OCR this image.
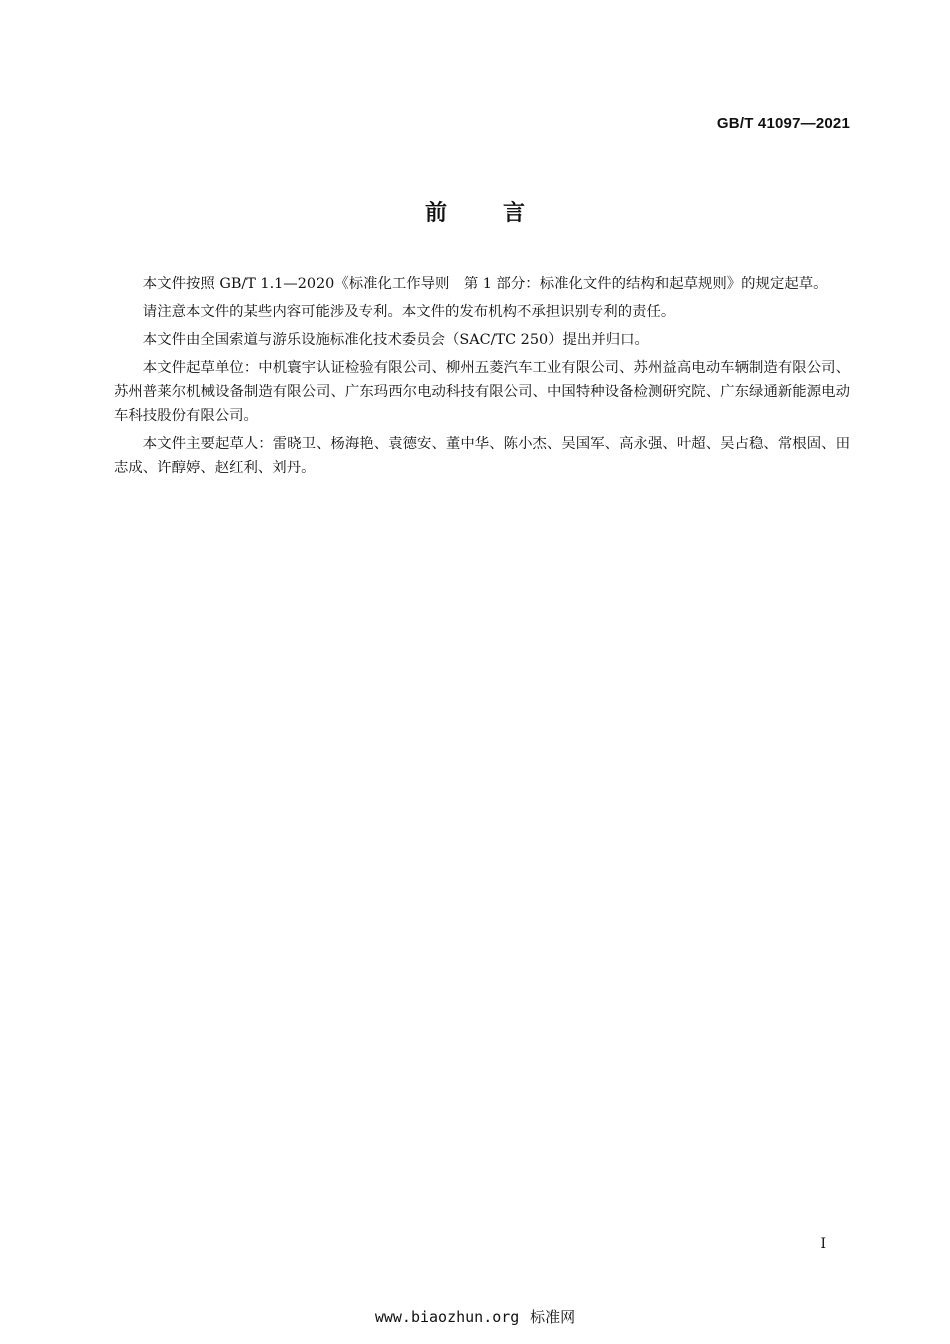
GB/T 41097—2021
前言

本文件按照 GB/T 1.1—2020《标准化工作导则　第 1 部分：标准化文件的结构和起草规则》的规定起草。

请注意本文件的某些内容可能涉及专利。本文件的发布机构不承担识别专利的责任。

本文件由全国索道与游乐设施标准化技术委员会（SAC/TC 250）提出并归口。

本文件起草单位：中机寰宇认证检验有限公司、柳州五菱汽车工业有限公司、苏州益高电动车辆制造有限公司、苏州普莱尔机械设备制造有限公司、广东玛西尔电动科技有限公司、中国特种设备检测研究院、广东绿通新能源电动车科技股份有限公司。

本文件主要起草人：雷晓卫、杨海艳、袁德安、董中华、陈小杰、吴国军、高永强、叶超、吴占稳、常根固、田志成、许醇婷、赵红利、刘丹。

I
www.biaozhun.org 标准网
